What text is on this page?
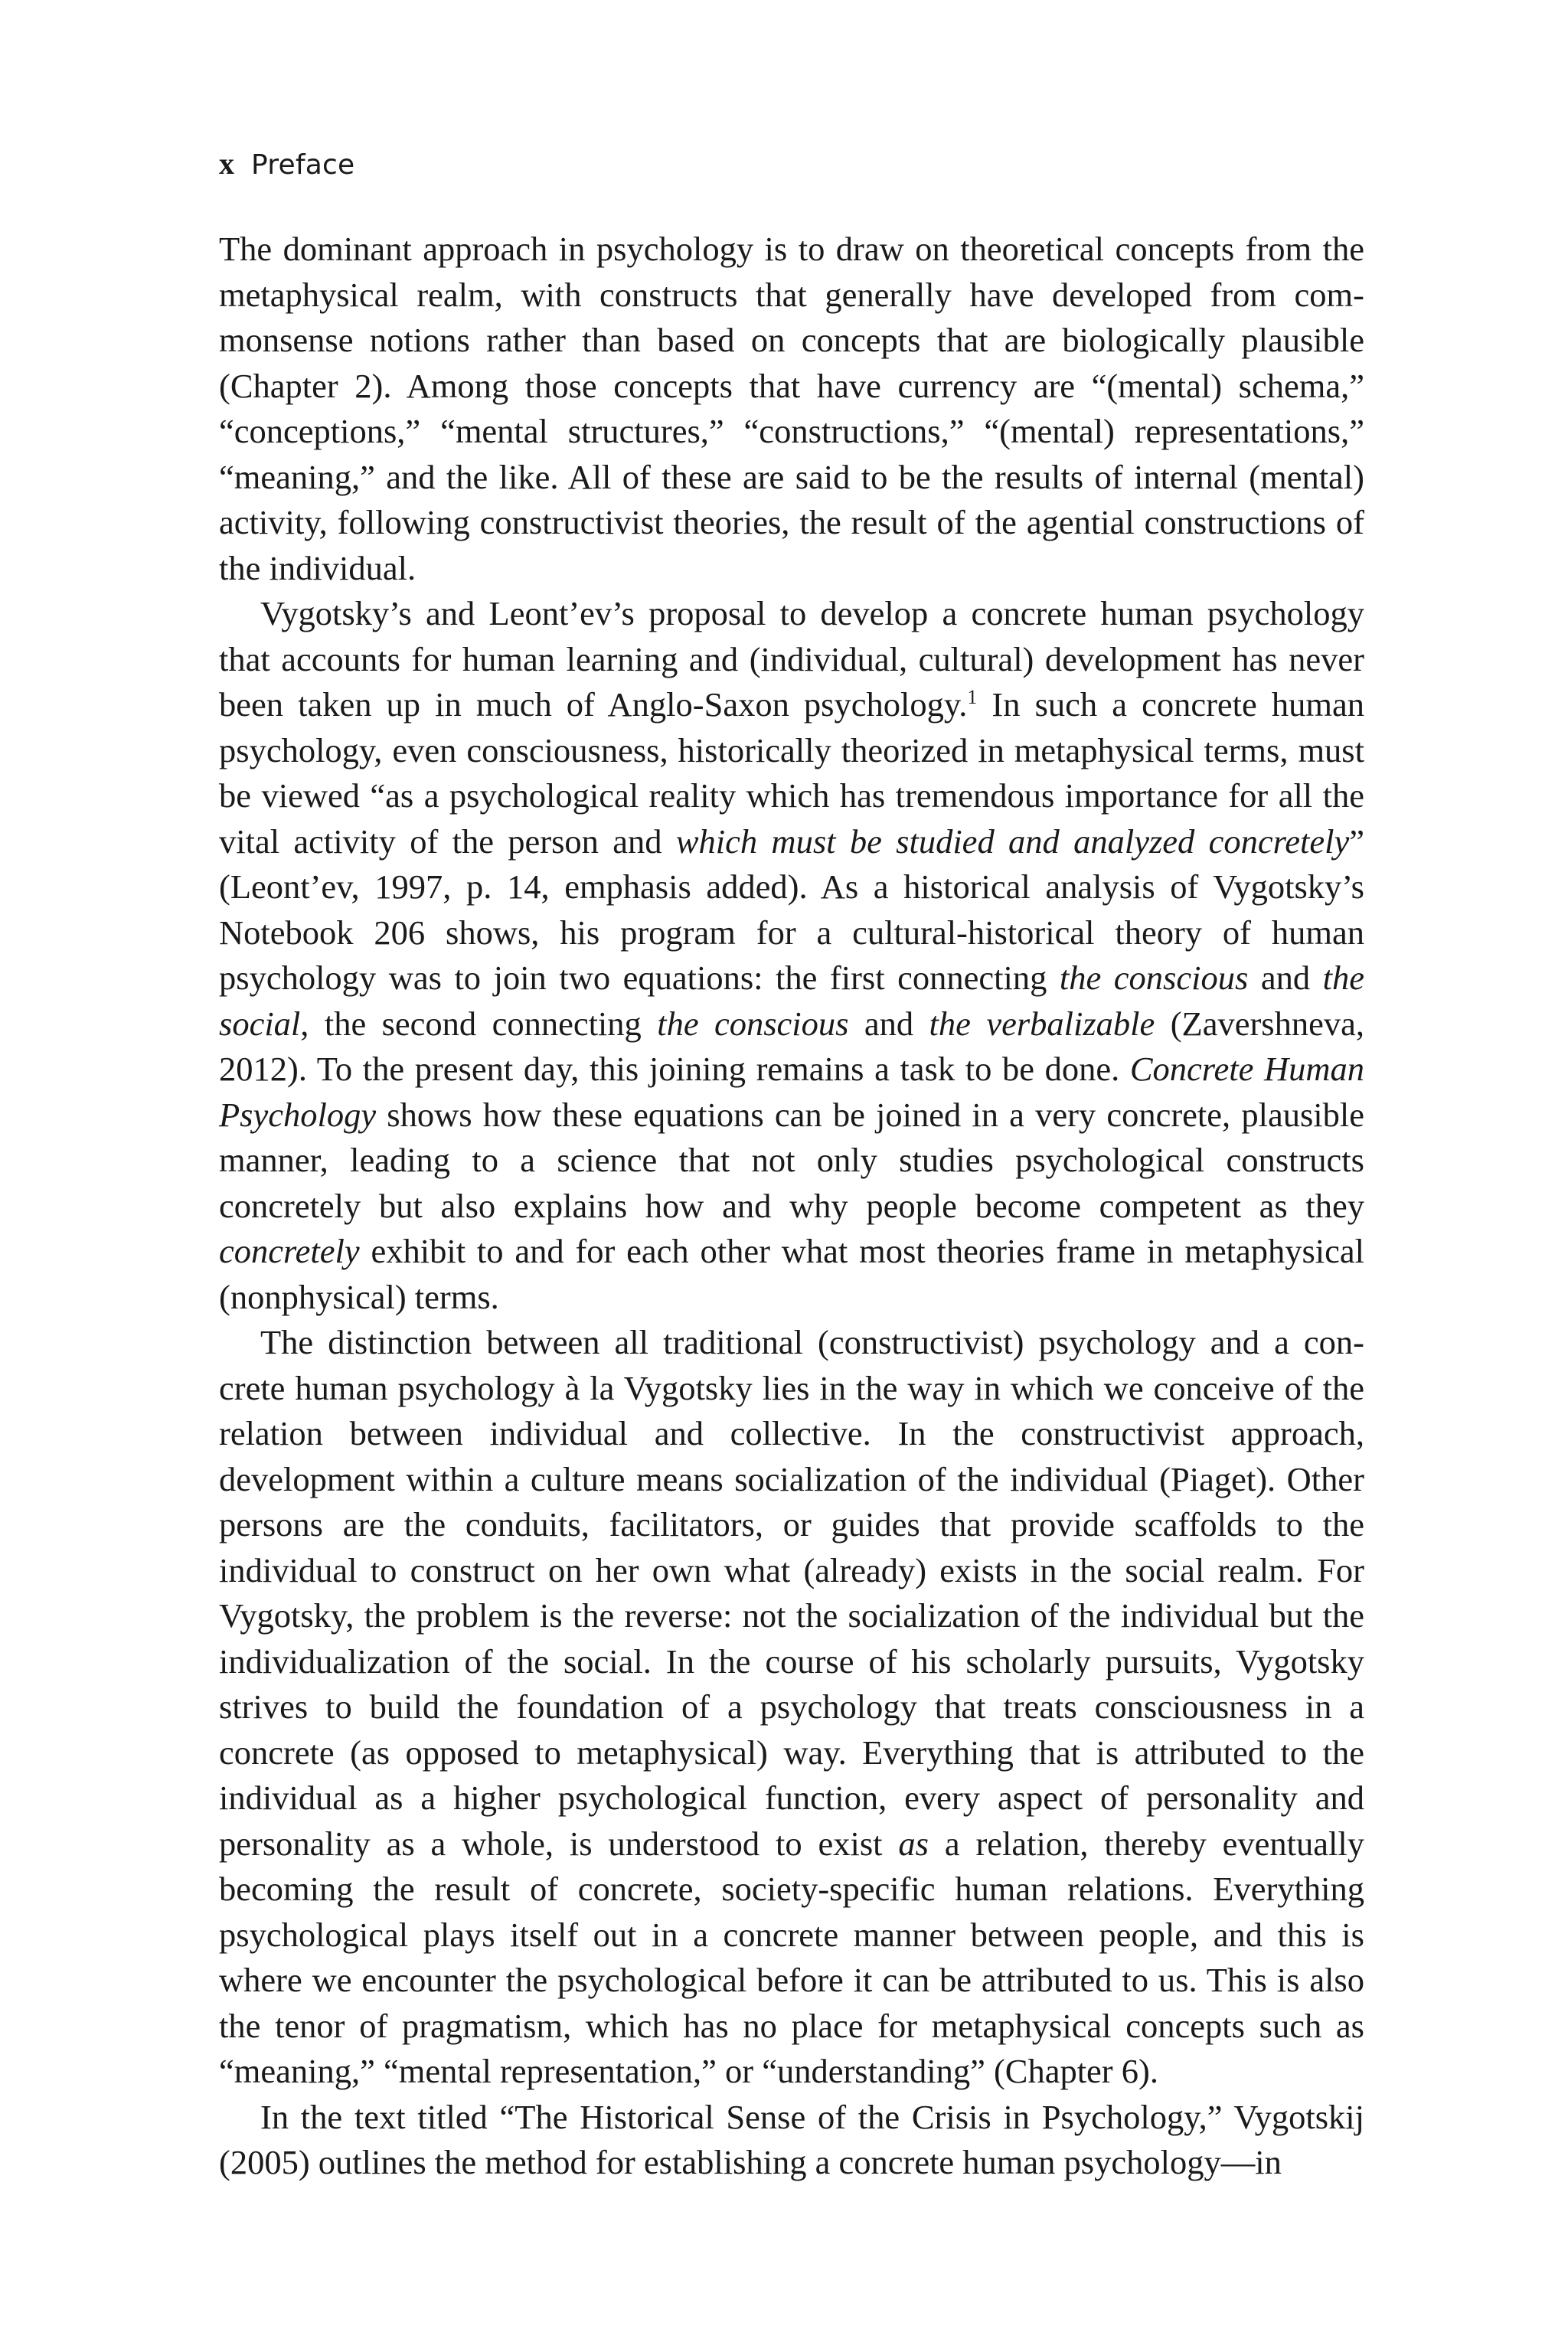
x Preface

The dominant approach in psychology is to draw on theoretical concepts from the metaphysical realm, with constructs that generally have developed from commonsense notions rather than based on concepts that are biologically plausible (Chapter 2). Among those concepts that have currency are “(mental) schema,” “conceptions,” “mental structures,” “constructions,” “(mental) representations,” “meaning,” and the like. All of these are said to be the results of internal (mental) activity, following constructivist theories, the result of the agential constructions of the individual.

Vygotsky’s and Leont’ev’s proposal to develop a concrete human psychology that accounts for human learning and (individual, cultural) development has never been taken up in much of Anglo-Saxon psychology.$^1$ In such a concrete human psychology, even consciousness, historically theorized in metaphysical terms, must be viewed “as a psychological reality which has tremendous importance for all the vital activity of the person and which must be studied and analyzed concretely” (Leont’ev, 1997, p. 14, emphasis added). As a historical analysis of Vygotsky’s Notebook 206 shows, his program for a cultural-historical theory of human psychology was to join two equations: the first connecting the conscious and the social, the second connecting the conscious and the verbalizable (Zavershneva, 2012). To the present day, this joining remains a task to be done. Concrete Human Psychology shows how these equations can be joined in a very concrete, plausible manner, leading to a science that not only studies psychological constructs concretely but also explains how and why people become competent as they concretely exhibit to and for each other what most theories frame in metaphysical (nonphysical) terms.

The distinction between all traditional (constructivist) psychology and a concrete human psychology à la Vygotsky lies in the way in which we conceive of the relation between individual and collective. In the constructivist approach, development within a culture means socialization of the individual (Piaget). Other persons are the conduits, facilitators, or guides that provide scaffolds to the individual to construct on her own what (already) exists in the social realm. For Vygotsky, the problem is the reverse: not the socialization of the individual but the individualization of the social. In the course of his scholarly pursuits, Vygotsky strives to build the foundation of a psychology that treats consciousness in a concrete (as opposed to metaphysical) way. Everything that is attributed to the individual as a higher psychological function, every aspect of personality and personality as a whole, is understood to exist as a relation, thereby eventually becoming the result of concrete, society-specific human relations. Everything psychological plays itself out in a concrete manner between people, and this is where we encounter the psychological before it can be attributed to us. This is also the tenor of pragmatism, which has no place for metaphysical concepts such as “meaning,” “mental representation,” or “understanding” (Chapter 6).

In the text titled “The Historical Sense of the Crisis in Psychology,” Vygotskij (2005) outlines the method for establishing a concrete human psychology—in
